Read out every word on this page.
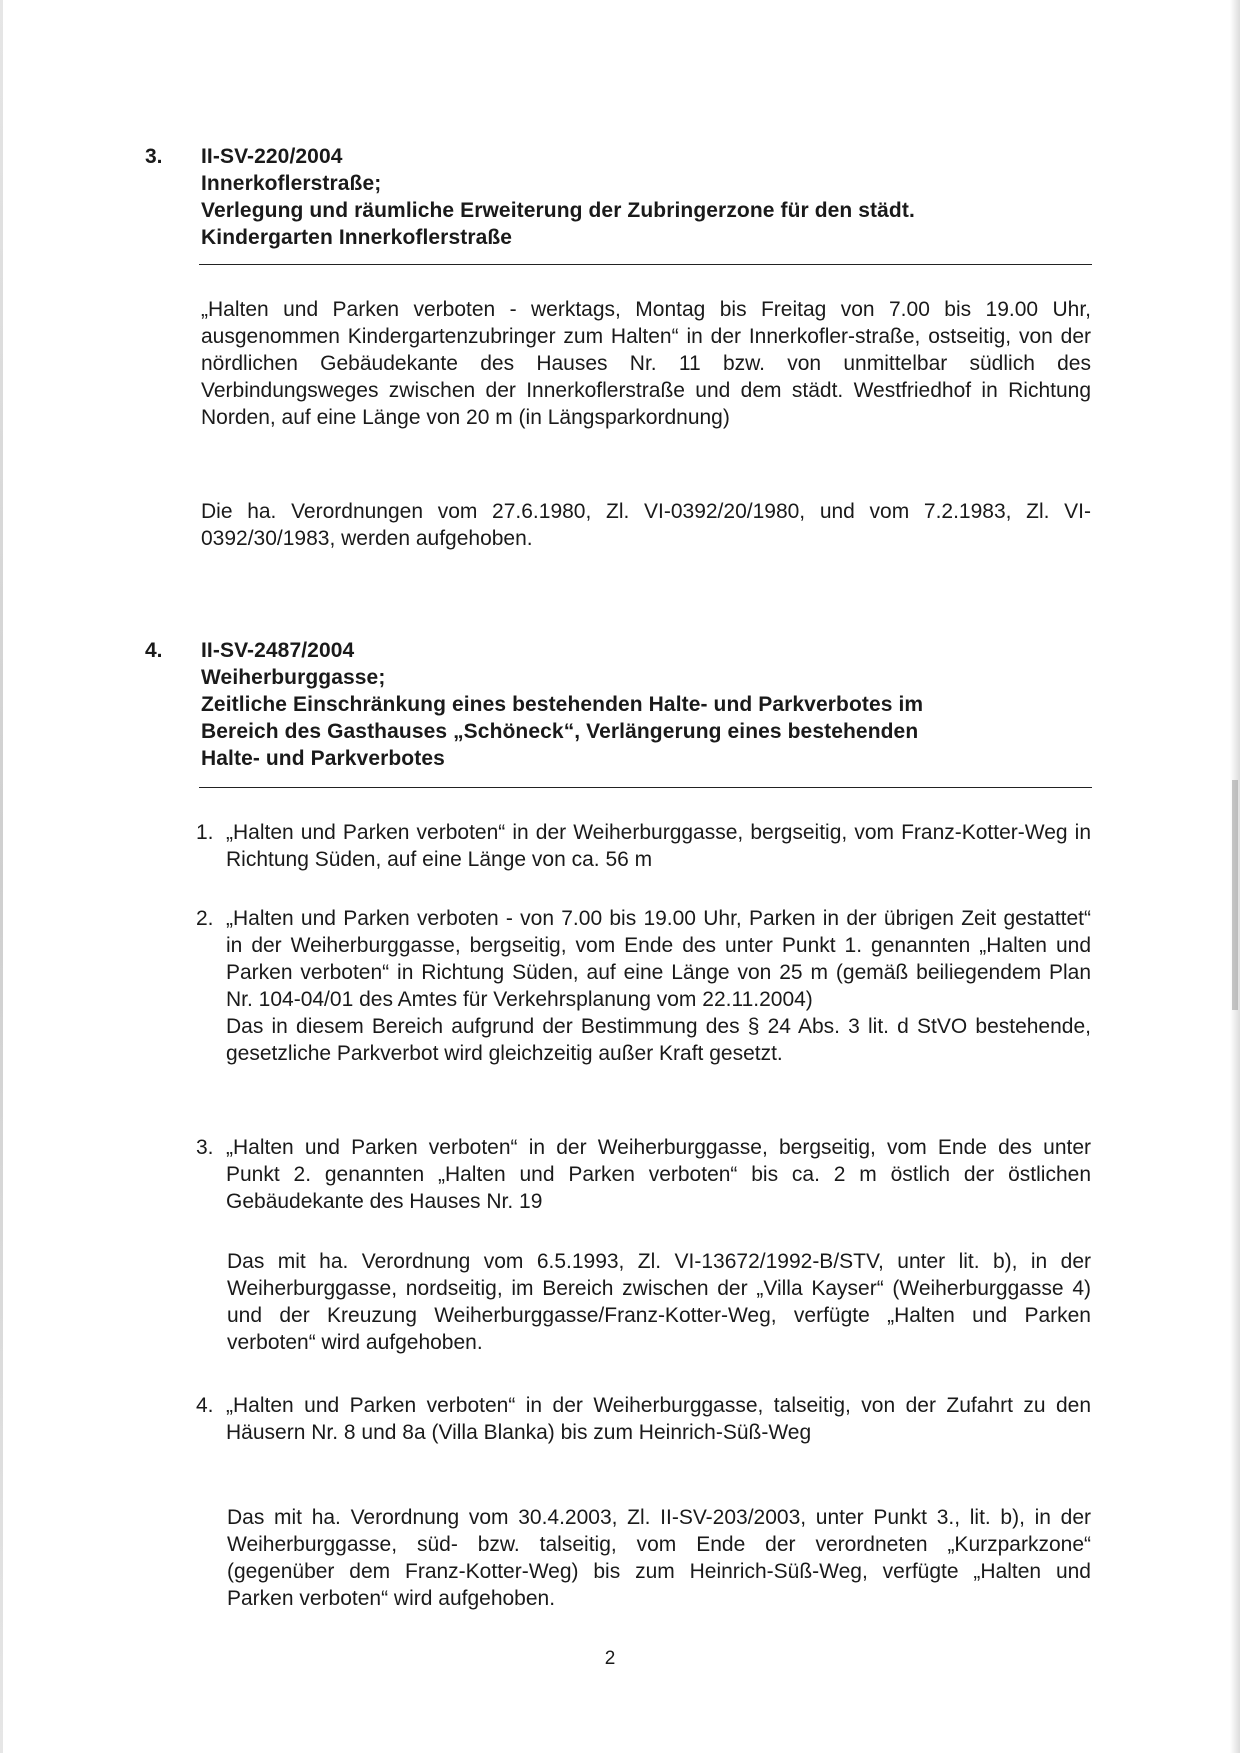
3. II-SV-220/2004
Innerkoflerstraße;
Verlegung und räumliche Erweiterung der Zubringerzone für den städt.
Kindergarten Innerkoflerstraße
„Halten und Parken verboten - werktags, Montag bis Freitag von 7.00 bis 19.00 Uhr, ausgenommen Kindergartenzubringer zum Halten“ in der Innerkofler-straße, ostseitig, von der nördlichen Gebäudekante des Hauses Nr. 11 bzw. von unmittelbar südlich des Verbindungsweges zwischen der Innerkoflerstraße und dem städt. Westfriedhof in Richtung Norden, auf eine Länge von 20 m (in Längsparkordnung)
Die ha. Verordnungen vom 27.6.1980, Zl. VI-0392/20/1980, und vom 7.2.1983, Zl. VI-0392/30/1983, werden aufgehoben.
4. II-SV-2487/2004
Weiherburggasse;
Zeitliche Einschränkung eines bestehenden Halte- und Parkverbotes im
Bereich des Gasthauses „Schöneck“, Verlängerung eines bestehenden
Halte- und Parkverbotes
1. „Halten und Parken verboten“ in der Weiherburggasse, bergseitig, vom Franz-Kotter-Weg in Richtung Süden, auf eine Länge von ca. 56 m
2. „Halten und Parken verboten - von 7.00 bis 19.00 Uhr, Parken in der übrigen Zeit gestattet“ in der Weiherburggasse, bergseitig, vom Ende des unter Punkt 1. genannten „Halten und Parken verboten“ in Richtung Süden, auf eine Länge von 25 m (gemäß beiliegendem Plan Nr. 104-04/01 des Amtes für Verkehrsplanung vom 22.11.2004)
Das in diesem Bereich aufgrund der Bestimmung des § 24 Abs. 3 lit. d StVO bestehende, gesetzliche Parkverbot wird gleichzeitig außer Kraft gesetzt.
3. „Halten und Parken verboten“ in der Weiherburggasse, bergseitig, vom Ende des unter Punkt 2. genannten „Halten und Parken verboten“ bis ca. 2 m östlich der östlichen Gebäudekante des Hauses Nr. 19
Das mit ha. Verordnung vom 6.5.1993, Zl. VI-13672/1992-B/STV, unter lit. b), in der Weiherburggasse, nordseitig, im Bereich zwischen der „Villa Kayser“ (Weiherburggasse 4) und der Kreuzung Weiherburggasse/Franz-Kotter-Weg, verfügte „Halten und Parken verboten“ wird aufgehoben.
4. „Halten und Parken verboten“ in der Weiherburggasse, talseitig, von der Zufahrt zu den Häusern Nr. 8 und 8a (Villa Blanka) bis zum Heinrich-Süß-Weg
Das mit ha. Verordnung vom 30.4.2003, Zl. II-SV-203/2003, unter Punkt 3., lit. b), in der Weiherburggasse, süd- bzw. talseitig, vom Ende der verordneten „Kurzparkzone“ (gegenüber dem Franz-Kotter-Weg) bis zum Heinrich-Süß-Weg, verfügte „Halten und Parken verboten“ wird aufgehoben.
2
